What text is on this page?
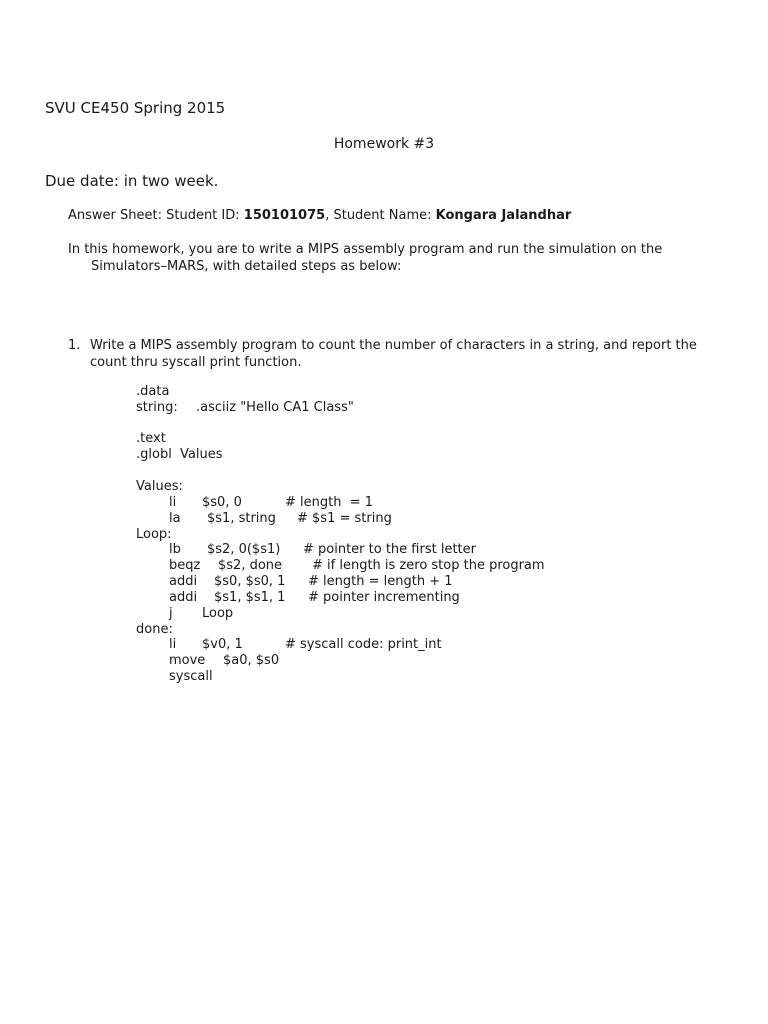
SVU CE450 Spring 2015
Homework #3
Due date: in two week.
Answer Sheet: Student ID: 150101075, Student Name: Kongara Jalandhar
In this homework, you are to write a MIPS assembly program and run the simulation on the
Simulators–MARS, with detailed steps as below:
1. Write a MIPS assembly program to count the number of characters in a string, and report the
count thru syscall print function.
.data
string: .asciiz "Hello CA1 Class"
.text
.globl Values
Values:
li $s0, 0	# length  = 1
la $s1, string # $s1 = string
Loop:
lb $s2, 0($s1) # pointer to the first letter
beqz $s2, done # if length is zero stop the program
addi $s0, $s0, 1 # length = length + 1
addi $s1, $s1, 1 # pointer incrementing
j Loop
done:
li $v0, 1	# syscall code: print_int
move $a0, $s0
syscall
